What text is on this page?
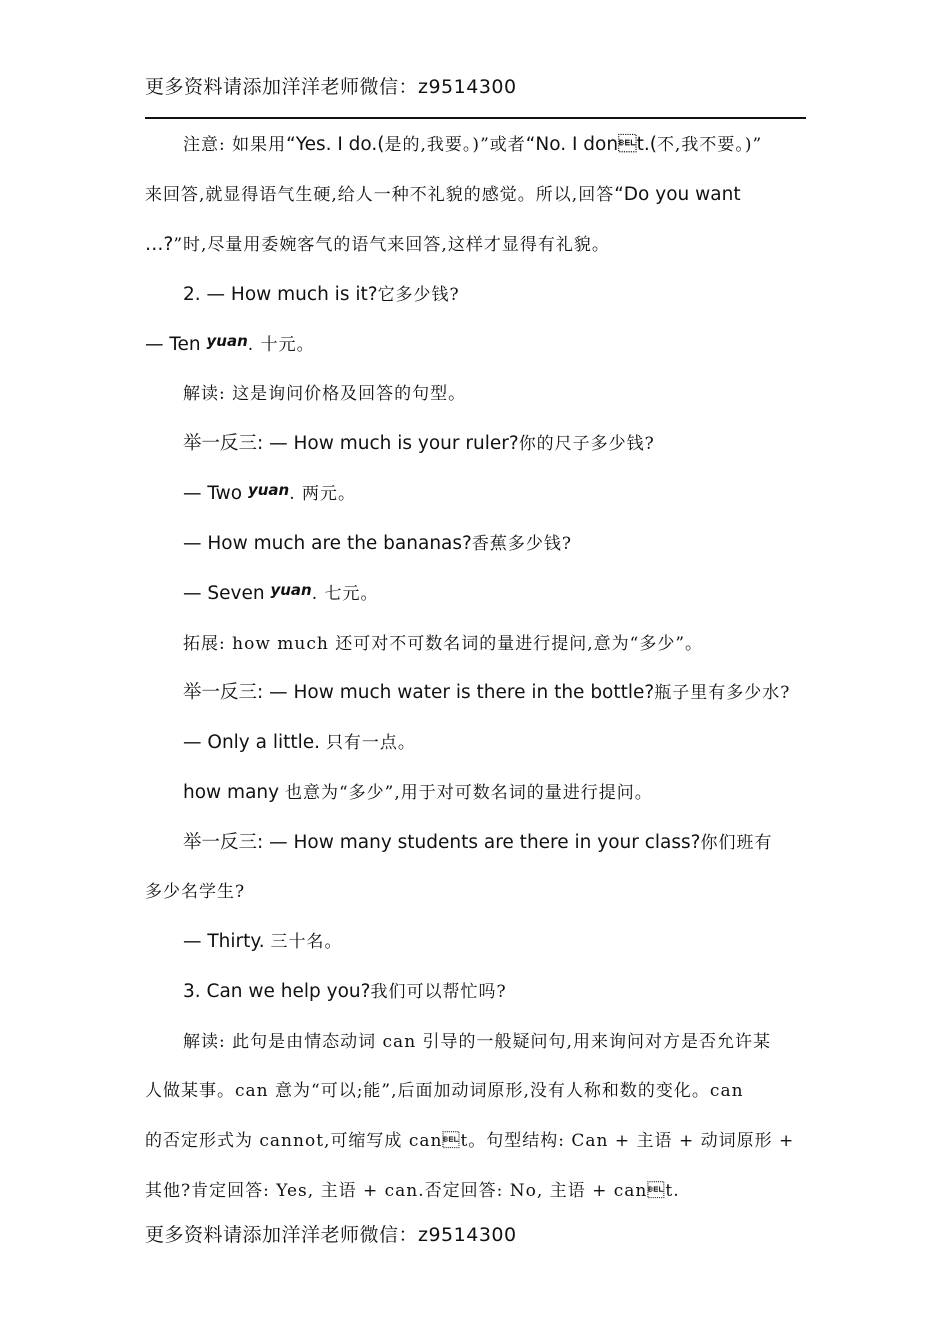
更多资料请添加洋洋老师微信：z9514300
注意: 如果用“Yes. I do.(是的,我要。)”或者“No. I dont.(不,我不要。)”
来回答,就显得语气生硬,给人一种不礼貌的感觉。所以,回答“Do you want
…?”时,尽量用委婉客气的语气来回答,这样才显得有礼貌。
2. — How much is it?它多少钱?
— Ten $^{yuan}$. 十元。
解读: 这是询问价格及回答的句型。
举一反三: — How much is your ruler?你的尺子多少钱?
— Two $^{yuan}$. 两元。
— How much are the bananas?香蕉多少钱?
— Seven $^{yuan}$. 七元。
拓展: how much 还可对不可数名词的量进行提问,意为“多少”。
举一反三: — How much water is there in the bottle?瓶子里有多少水?
— Only a little. 只有一点。
how many 也意为“多少”,用于对可数名词的量进行提问。
举一反三: — How many students are there in your class?你们班有
多少名学生?
— Thirty. 三十名。
3. Can we help you?我们可以帮忙吗?
解读: 此句是由情态动词 can 引导的一般疑问句,用来询问对方是否允许某
人做某事。can 意为“可以;能”,后面加动词原形,没有人称和数的变化。can
的否定形式为 cannot,可缩写成 cant。句型结构: Can + 主语 + 动词原形 +
其他?肯定回答: Yes, 主语 + can.否定回答: No, 主语 + cant.
更多资料请添加洋洋老师微信：z9514300
